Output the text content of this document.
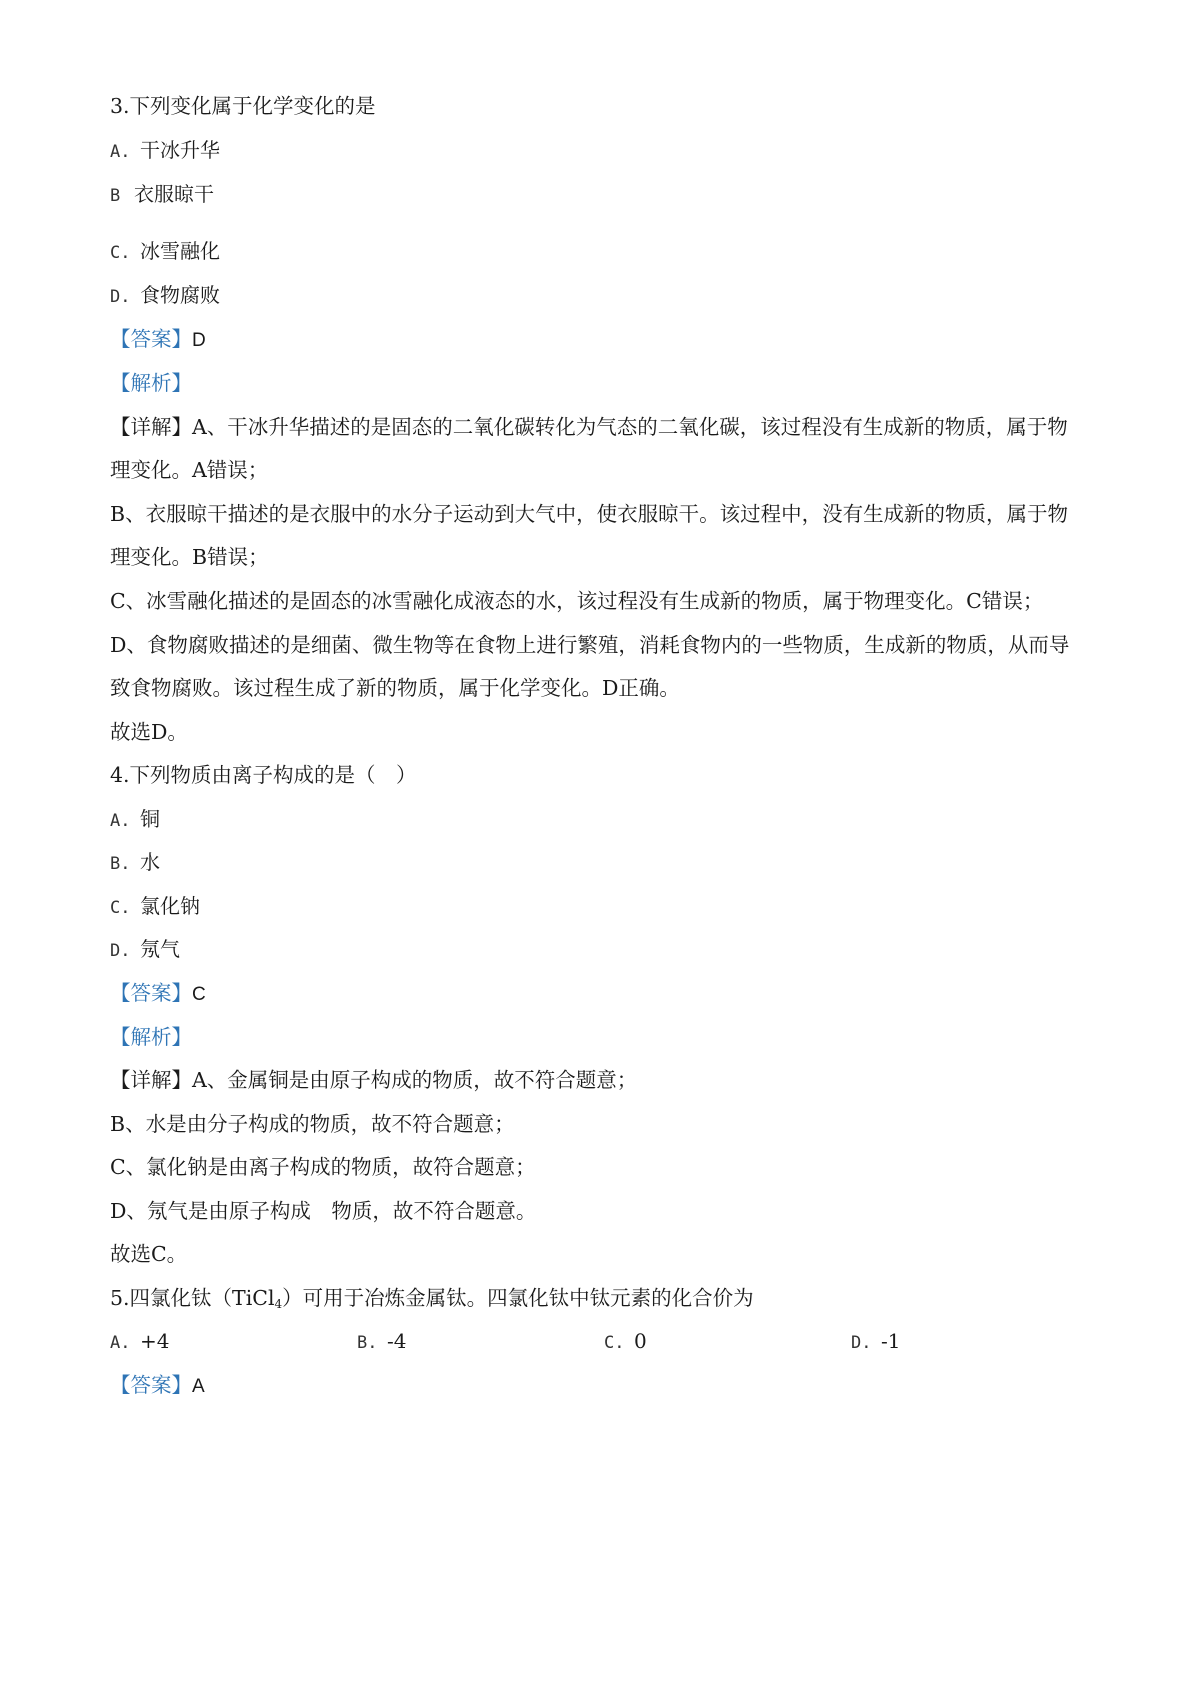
3.下列变化属于化学变化的是
A. 干冰升华
B 衣服晾干
C. 冰雪融化
D. 食物腐败
【答案】D
【解析】
【详解】A、干冰升华描述的是固态的二氧化碳转化为气态的二氧化碳，该过程没有生成新的物质，属于物
理变化。A错误；
B、衣服晾干描述的是衣服中的水分子运动到大气中，使衣服晾干。该过程中，没有生成新的物质，属于物
理变化。B错误；
C、冰雪融化描述的是固态的冰雪融化成液态的水，该过程没有生成新的物质，属于物理变化。C错误；
D、食物腐败描述的是细菌、微生物等在食物上进行繁殖，消耗食物内的一些物质，生成新的物质，从而导
致食物腐败。该过程生成了新的物质，属于化学变化。D正确。
故选D。
4.下列物质由离子构成的是（　）
A. 铜
B. 水
C. 氯化钠
D. 氖气
【答案】C
【解析】
【详解】A、金属铜是由原子构成的物质，故不符合题意；
B、水是由分子构成的物质，故不符合题意；
C、氯化钠是由离子构成的物质，故符合题意；
D、氖气是由原子构成　物质，故不符合题意。
故选C。
5.四氯化钛（TiCl$_4$）可用于冶炼金属钛。四氯化钛中钛元素的化合价为
A. +4	B. -4	C. 0	D. -1
【答案】A
